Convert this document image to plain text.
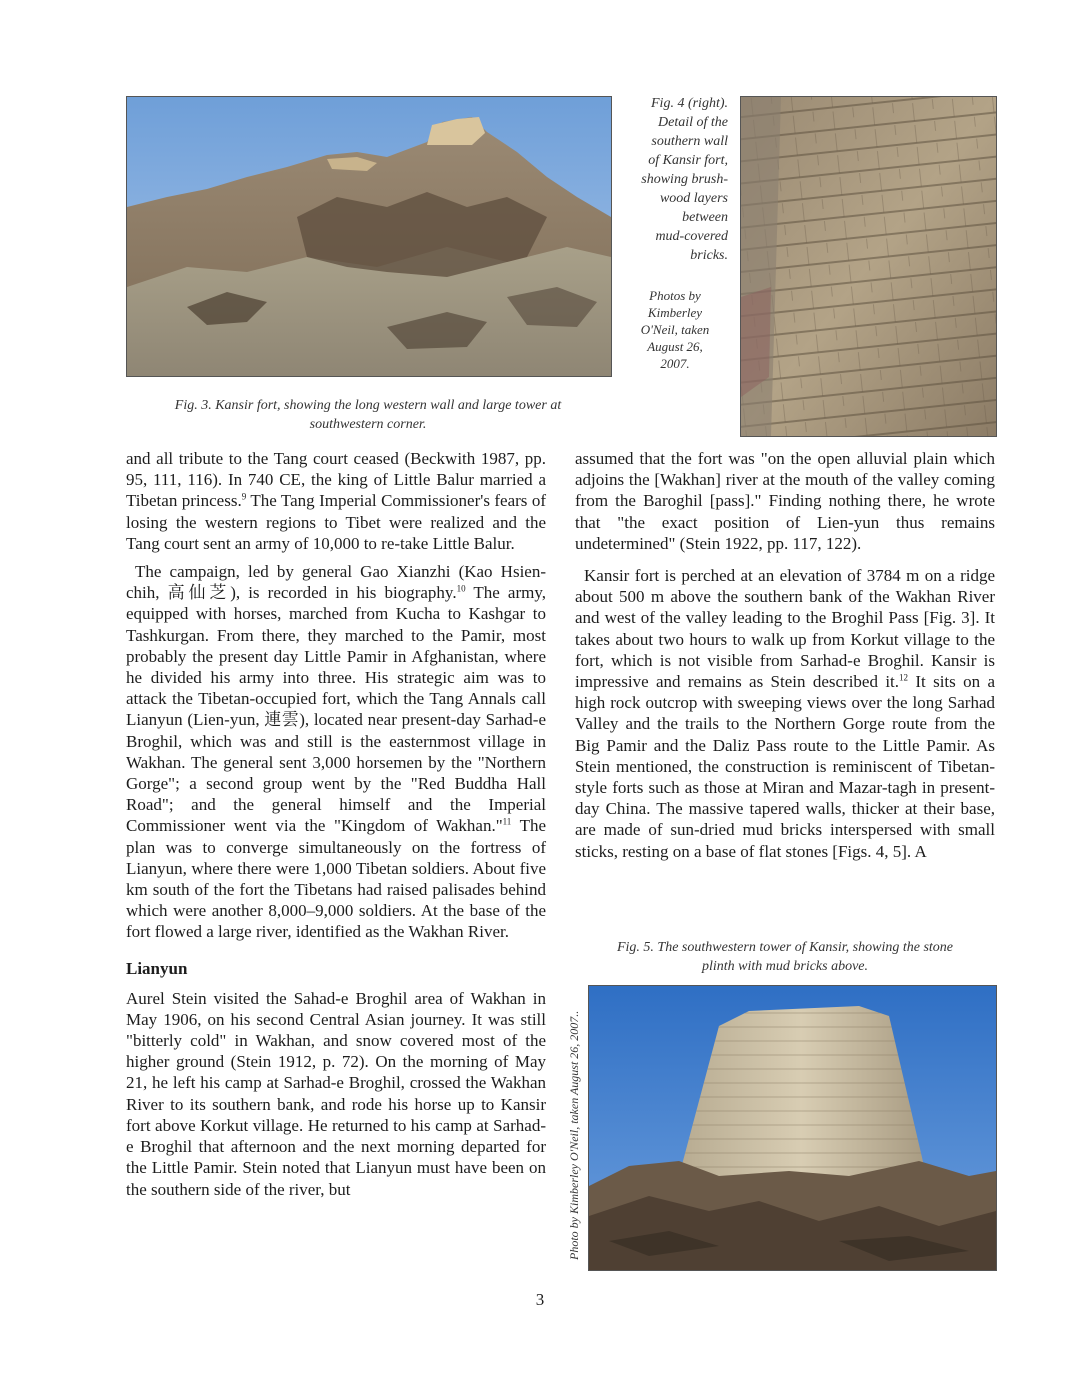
Fig. 3. Kansir fort, showing the long western wall and large tower at
southwestern corner.
Fig. 4 (right).
Detail of the
southern wall
of Kansir fort,
showing brush-
wood layers
between
mud-covered
bricks.
Photos by
Kimberley
O'Neil, taken
August 26,
2007.

and all tribute to the Tang court ceased (Beckwith 1987, pp. 95, 111, 116). In 740 CE, the king of Little Balur married a Tibetan princess.$^9$ The Tang Imperial Commissioner's fears of losing the western regions to Tibet were realized and the Tang court sent an army of 10,000 to re-take Little Balur.

The campaign, led by general Gao Xianzhi (Kao Hsien-chih, 高仙芝), is recorded in his biography.$^{10}$ The army, equipped with horses, marched from Kucha to Kashgar to Tashkurgan. From there, they marched to the Pamir, most probably the present day Little Pamir in Afghanistan, where he divided his army into three. His strategic aim was to attack the Tibetan-occupied fort, which the Tang Annals call Lianyun (Lien-yun, 連雲), located near present-day Sarhad-e Broghil, which was and still is the easternmost village in Wakhan. The general sent 3,000 horsemen by the "Northern Gorge"; a second group went by the "Red Buddha Hall Road"; and the general himself and the Imperial Commissioner went via the "Kingdom of Wakhan."$^{11}$ The plan was to converge simultaneously on the fortress of Lianyun, where there were 1,000 Tibetan soldiers. About five km south of the fort the Tibetans had raised palisades behind which were another 8,000–9,000 soldiers. At the base of the fort flowed a large river, identified as the Wakhan River.

Lianyun

Aurel Stein visited the Sahad-e Broghil area of Wakhan in May 1906, on his second Central Asian journey. It was still "bitterly cold" in Wakhan, and snow covered most of the higher ground (Stein 1912, p. 72). On the morning of May 21, he left his camp at Sarhad-e Broghil, crossed the Wakhan River to its southern bank, and rode his horse up to Kansir fort above Korkut village. He returned to his camp at Sarhad-e Broghil that afternoon and the next morning departed for the Little Pamir. Stein noted that Lianyun must have been on the southern side of the river, but

assumed that the fort was "on the open alluvial plain which adjoins the [Wakhan] river at the mouth of the valley coming from the Baroghil [pass]." Finding nothing there, he wrote that "the exact position of Lien-yun thus remains undetermined" (Stein 1922, pp. 117, 122).

Kansir fort is perched at an elevation of 3784 m on a ridge about 500 m above the southern bank of the Wakhan River and west of the valley leading to the Broghil Pass [Fig. 3]. It takes about two hours to walk up from Korkut village to the fort, which is not visible from Sarhad-e Broghil. Kansir is impressive and remains as Stein described it.$^{12}$ It sits on a high rock outcrop with sweeping views over the long Sarhad Valley and the trails to the Northern Gorge route from the Big Pamir and the Daliz Pass route to the Little Pamir. As Stein mentioned, the construction is reminiscent of Tibetan-style forts such as those at Miran and Mazar-tagh in present-day China. The massive tapered walls, thicker at their base, are made of sun-dried mud bricks interspersed with small sticks, resting on a base of flat stones [Figs. 4, 5]. A

Fig. 5. The southwestern tower of Kansir, showing the stone
plinth with mud bricks above.
Photo by Kimberley O'Neil, taken August 26, 2007..
3
